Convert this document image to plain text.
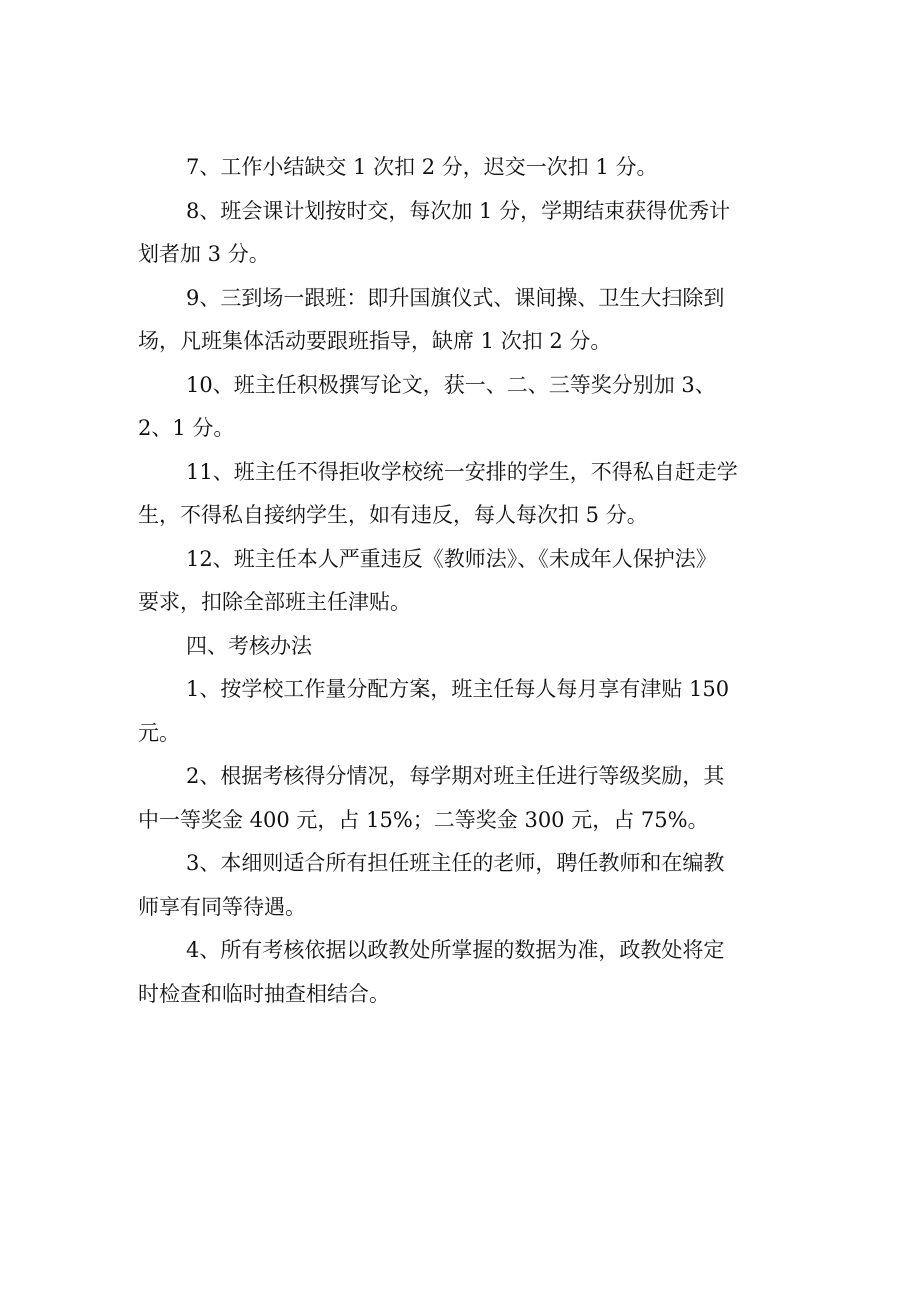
7、工作小结缺交 1 次扣 2 分，迟交一次扣 1 分。

8、班会课计划按时交，每次加 1 分，学期结束获得优秀计
划者加 3 分。

9、三到场一跟班：即升国旗仪式、课间操、卫生大扫除到
场，凡班集体活动要跟班指导，缺席 1 次扣 2 分。

10、班主任积极撰写论文，获一、二、三等奖分别加 3、
2、1 分。

11、班主任不得拒收学校统一安排的学生，不得私自赶走学
生，不得私自接纳学生，如有违反，每人每次扣 5 分。

12、班主任本人严重违反《教师法》、《未成年人保护法》
要求，扣除全部班主任津贴。

四、考核办法

1、按学校工作量分配方案，班主任每人每月享有津贴 150
元。

2、根据考核得分情况，每学期对班主任进行等级奖励，其
中一等奖金 400 元，占 15%；二等奖金 300 元，占 75%。

3、本细则适合所有担任班主任的老师，聘任教师和在编教
师享有同等待遇。

4、所有考核依据以政教处所掌握的数据为准，政教处将定
时检查和临时抽查相结合。
